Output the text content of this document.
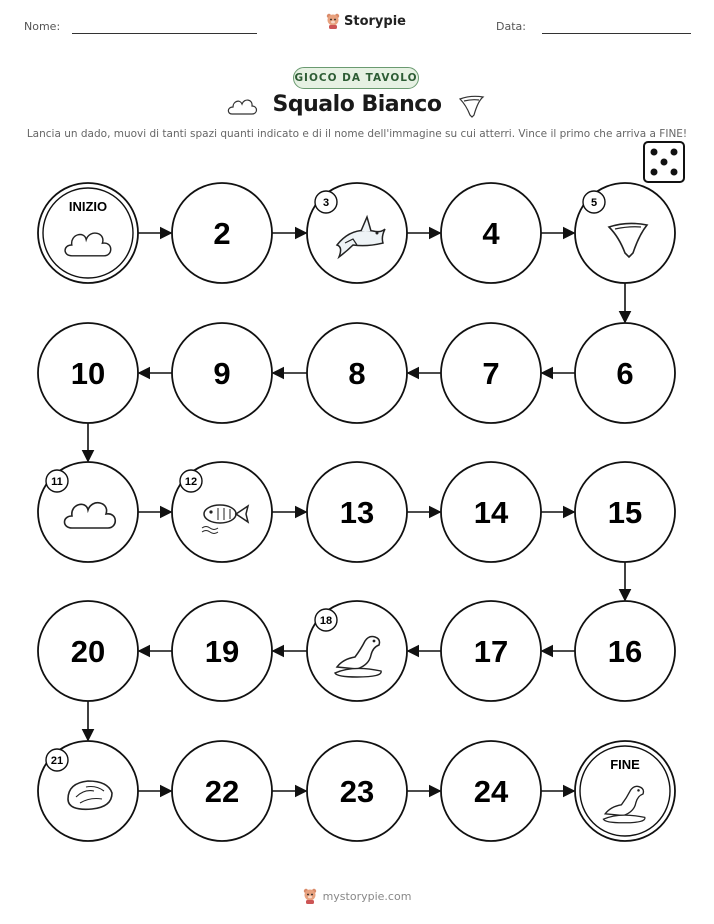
Nome:	Storypie	Data:
GIOCO DA TAVOLO
Squalo Bianco
Lancia un dado, muovi di tanti spazi quanti indicato e di il nome dell'immagine su cui atterri. Vince il primo che arriva a FINE!
INIZIO
2
3
4
5
6
7
8
9
10
11	12
13	14	15
16
17
18
19
20
21
22	23	24
FINE
mystorypie.com
